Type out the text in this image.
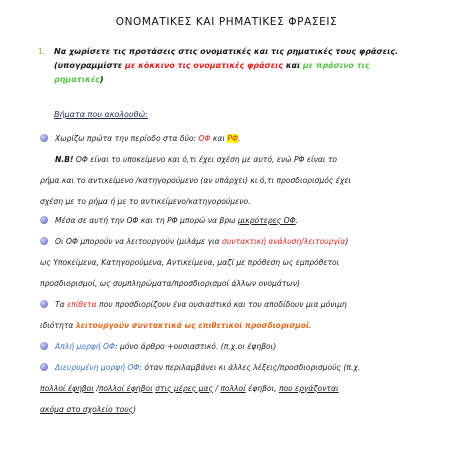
ΟΝΟΜΑΤΙΚΕΣ ΚΑΙ ΡΗΜΑΤΙΚΕΣ ΦΡΑΣΕΙΣ
1.	Να χωρίσετε τις προτάσεις στις ονοματικές και τις ρηματικές τους φράσεις.
(υπογραμμίστε με κόκκινο τις ονοματικές φράσεις και με πράσινο τις
ρηματικές)
Βήματα που ακολουθώ:
Χωρίζω πρώτα την περίοδο στα δύο: ΟΦ και ΡΦ.
Ν.Β! ΟΦ είναι το υποκείμενο και ό,τι έχει σχέση με αυτό, ενώ ΡΦ είναι το
ρήμα και το αντικείμενο /κατηγορούμενο (αν υπάρχει) κι ό,τι προσδιορισμός έχει
σχέση με το ρήμα ή με το αντικείμενο/κατηγορούμενο.
Μέσα σε αυτή την ΟΦ και τη ΡΦ μπορώ να βρω μικρότερες ΟΦ.
Οι ΟΦ μπορούν να λειτουργούν (μιλάμε για συντακτική ανάλυση/λειτουργία)
ως Υποκείμενα, Κατηγορούμενα, Αντικείμενα, μαζί με πρόθεση ως εμπρόθετοι
προσδιορισμοί, ως συμπληρώματα/προσδιορισμοί άλλων ονομάτων)
Τα επίθετα που προσδιορίζουν ένα ουσιαστικό και του αποδίδουν μια μόνιμη
ιδιότητα λειτουργούν συντακτικά ως επιθετικοί προσδιορισμοί.
Απλή μορφή ΟΦ: μόνο άρθρο +ουσιαστικό. (π.χ.οι έφηβοι)
Διευρυμένη μορφή ΟΦ: όταν περιλαμβάνει κι άλλες λέξεις/προσδιορισμούς (π.χ.
πολλοί έφηβοι /πολλοί έφηβοι στις μέρες μας / πολλοί έφηβοι, που εργάζονται
ακόμα στο σχολείο τους)
